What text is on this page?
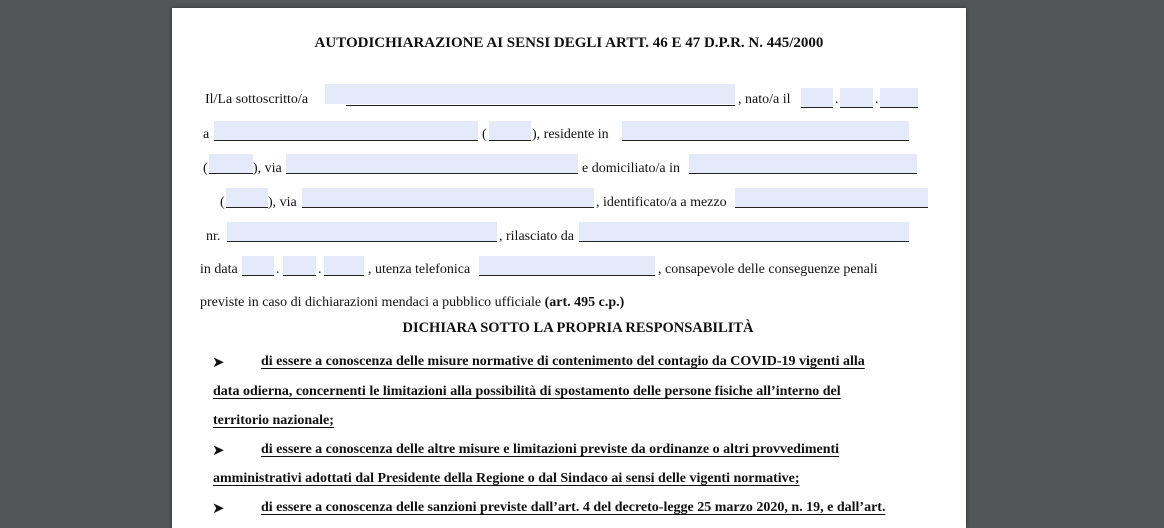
AUTODICHIARAZIONE AI SENSI DEGLI ARTT. 46 E 47 D.P.R. N. 445/2000
Il/La sottoscritto/a	, nato/a il	.	.
a	(	), residente in
(	), via	e domiciliato/a in
(	), via	, identificato/a a mezzo
nr.	, rilasciato da
in data	.	.	, utenza telefonica	, consapevole delle conseguenze penali
previste in caso di dichiarazioni mendaci a pubblico ufficiale (art. 495 c.p.)
DICHIARA SOTTO LA PROPRIA RESPONSABILITÀ
➤	di essere a conoscenza delle misure normative di contenimento del contagio da COVID-19 vigenti alla
data odierna, concernenti le limitazioni alla possibilità di spostamento delle persone fisiche all’interno del
territorio nazionale;
➤	di essere a conoscenza delle altre misure e limitazioni previste da ordinanze o altri provvedimenti
amministrativi adottati dal Presidente della Regione o dal Sindaco ai sensi delle vigenti normative;
➤	di essere a conoscenza delle sanzioni previste dall’art. 4 del decreto-legge 25 marzo 2020, n. 19, e dall’art.
